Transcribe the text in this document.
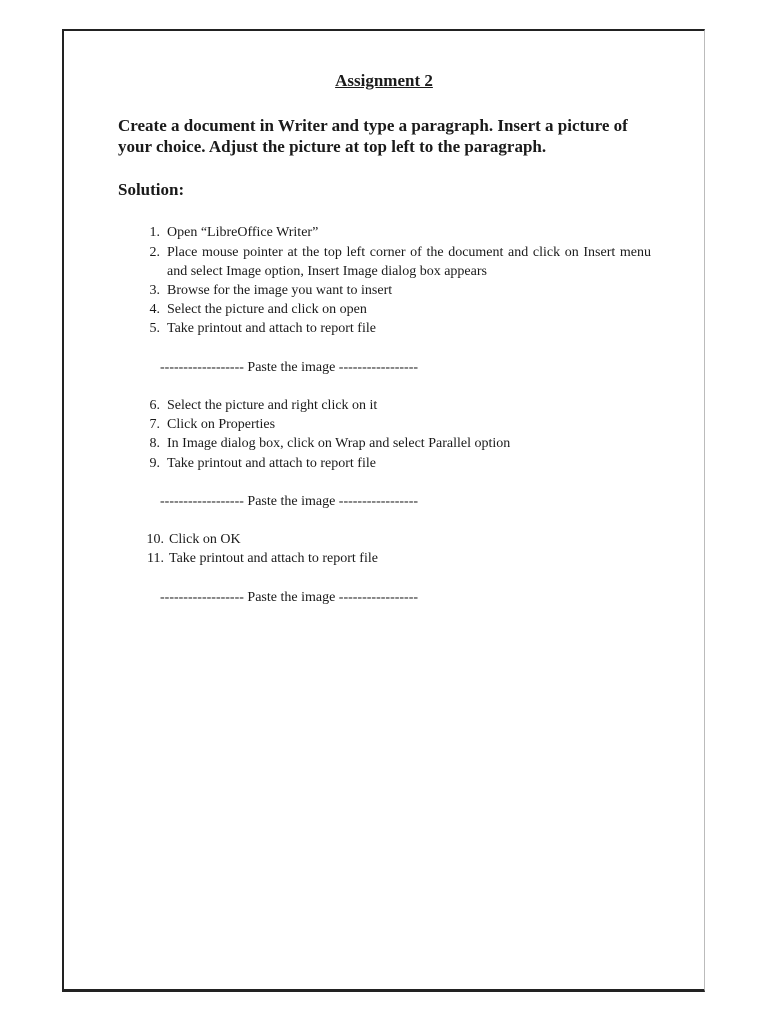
Assignment 2

Create a document in Writer and type a paragraph. Insert a picture of your choice. Adjust the picture at top left to the paragraph.

Solution:

1. Open “LibreOffice Writer”
2. Place mouse pointer at the top left corner of the document and click on Insert menu and select Image option, Insert Image dialog box appears
3. Browse for the image you want to insert
4. Select the picture and click on open
5. Take printout and attach to report file

------------------ Paste the image -----------------

6. Select the picture and right click on it
7. Click on Properties
8. In Image dialog box, click on Wrap and select Parallel option
9. Take printout and attach to report file

------------------ Paste the image -----------------

10. Click on OK
11. Take printout and attach to report file

------------------ Paste the image -----------------
